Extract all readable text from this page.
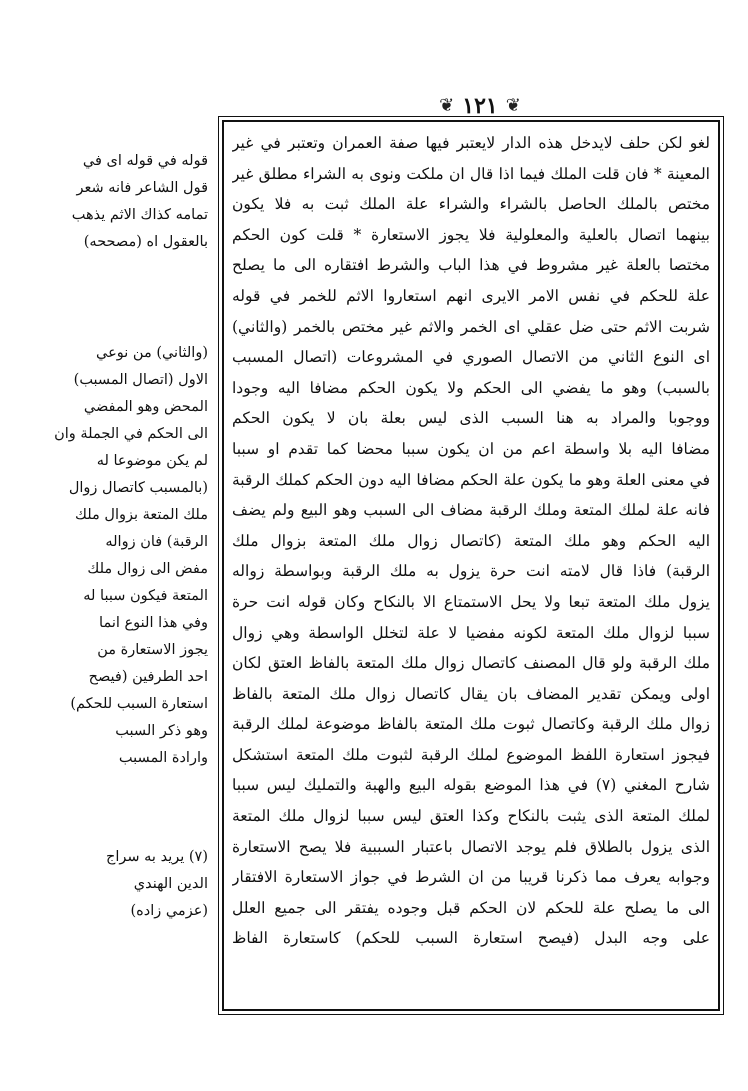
❦ ١٢١ ❦
لغو لكن حلف لايدخل هذه الدار لايعتبر فيها صفة العمران وتعتبر في غير
المعينة * فان قلت الملك فيما اذا قال ان ملكت ونوى به الشراء مطلق غير
مختص بالملك الحاصل بالشراء والشراء علة الملك ثبت به فلا يكون
بينهما اتصال بالعلية والمعلولية فلا يجوز الاستعارة * قلت كون الحكم
مختصا بالعلة غير مشروط في هذا الباب والشرط افتقاره الى ما يصلح
علة للحكم في نفس الامر الايرى انهم استعاروا الاثم للخمر في قوله
شربت الاثم حتى ضل عقلي اى الخمر والاثم غير مختص بالخمر (والثاني)
اى النوع الثاني من الاتصال الصوري في المشروعات (اتصال المسبب
بالسبب) وهو ما يفضي الى الحكم ولا يكون الحكم مضافا اليه وجودا
ووجوبا والمراد به هنا السبب الذى ليس بعلة بان لا يكون الحكم
مضافا اليه بلا واسطة اعم من ان يكون سببا محضا كما تقدم او سببا
في معنى العلة وهو ما يكون علة الحكم مضافا اليه دون الحكم كملك الرقبة
فانه علة لملك المتعة وملك الرقبة مضاف الى السبب وهو البيع ولم يضف
اليه الحكم وهو ملك المتعة (كاتصال زوال ملك المتعة بزوال ملك
الرقبة) فاذا قال لامته انت حرة يزول به ملك الرقبة وبواسطة زواله
يزول ملك المتعة تبعا ولا يحل الاستمتاع الا بالنكاح وكان قوله انت حرة
سببا لزوال ملك المتعة لكونه مفضيا لا علة لتخلل الواسطة وهي زوال
ملك الرقبة ولو قال المصنف كاتصال زوال ملك المتعة بالفاظ العتق لكان
اولى ويمكن تقدير المضاف بان يقال كاتصال زوال ملك المتعة بالفاظ
زوال ملك الرقبة وكاتصال ثبوت ملك المتعة بالفاظ موضوعة لملك الرقبة
فيجوز استعارة اللفظ الموضوع لملك الرقبة لثبوت ملك المتعة استشكل
شارح المغني (٧) في هذا الموضع بقوله البيع والهبة والتمليك ليس سببا
لملك المتعة الذى يثبت بالنكاح وكذا العتق ليس سببا لزوال ملك المتعة
الذى يزول بالطلاق فلم يوجد الاتصال باعتبار السببية فلا يصح الاستعارة
وجوابه يعرف مما ذكرنا قريبا من ان الشرط في جواز الاستعارة الافتقار
الى ما يصلح علة للحكم لان الحكم قبل وجوده يفتقر الى جميع العلل
على وجه البدل (فيصح استعارة السبب للحكم) كاستعارة الفاظ
قوله في قوله اى في
قول الشاعر فانه شعر
تمامه كذاك الاثم يذهب
بالعقول اه (مصححه)
(والثاني) من نوعي
الاول (اتصال المسبب)
المحض وهو المفضي
الى الحكم في الجملة وان
لم يكن موضوعا له
(بالمسبب كاتصال زوال
ملك المتعة بزوال ملك
الرقبة) فان زواله
مفض الى زوال ملك
المتعة فيكون سببا له
وفي هذا النوع انما
يجوز الاستعارة من
احد الطرفين (فيصح
استعارة السبب للحكم)
وهو ذكر السبب
وارادة المسبب
(٧) يريد به سراج
الدين الهندي
(عزمي زاده)
